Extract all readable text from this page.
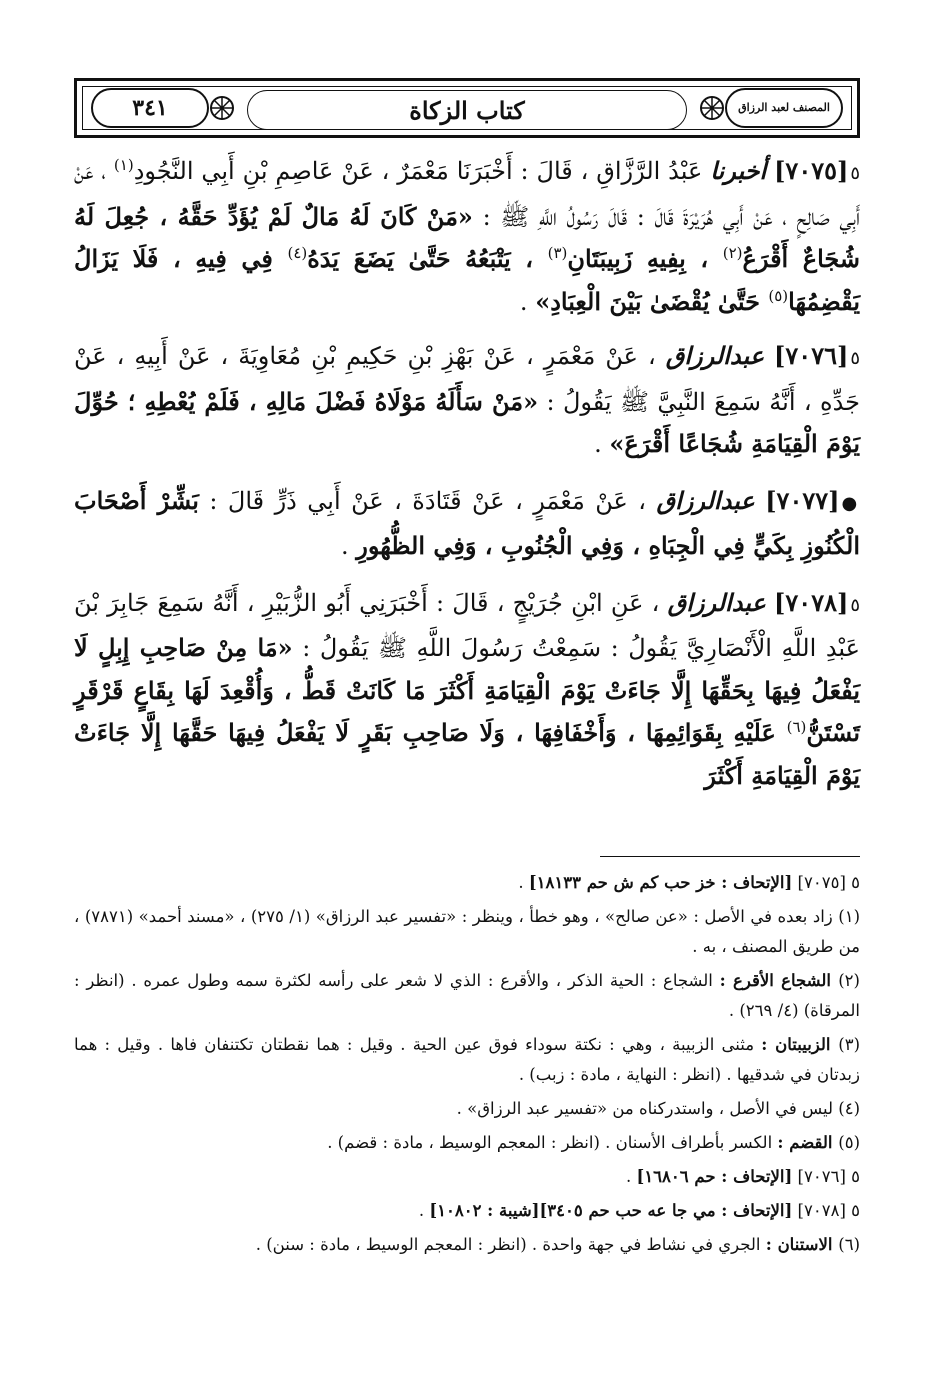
٣٤١	كتاب الزكاة	المصنف لعبد الرزاق

٥[٧٠٧٥] أخبرنا عَبْدُ الرَّزَّاقِ ، قَالَ : أَخْبَرَنَا مَعْمَرٌ ، عَنْ عَاصِمِ بْنِ أَبِي النَّجُودِ$^{(١)}$ ، عَنْ أَبِي صَالِحٍ ، عَنْ أَبِي هُرَيْرَةَ قَالَ : قَالَ رَسُولُ اللَّهِ ﷺ : «مَنْ كَانَ لَهُ مَالٌ لَمْ يُؤَدِّ حَقَّهُ ، جُعِلَ لَهُ شُجَاعٌ أَقْرَعُ$^{(٢)}$ ، بِفِيهِ زَبِيبَتَانِ$^{(٣)}$ ، يَتْبَعُهُ حَتَّىٰ يَضَعَ يَدَهُ$^{(٤)}$ فِي فِيهِ ، فَلَا يَزَالُ يَقْضِمُهَا$^{(٥)}$ حَتَّىٰ يُقْضَىٰ بَيْنَ الْعِبَادِ» .

٥[٧٠٧٦] عبدالرزاق ، عَنْ مَعْمَرٍ ، عَنْ بَهْزِ بْنِ حَكِيمِ بْنِ مُعَاوِيَةَ ، عَنْ أَبِيهِ ، عَنْ جَدِّهِ ، أَنَّهُ سَمِعَ النَّبِيَّ ﷺ يَقُولُ : «مَنْ سَأَلَهُ مَوْلَاهُ فَضْلَ مَالِهِ ، فَلَمْ يُعْطِهِ ؛ حُوِّلَ يَوْمَ الْقِيَامَةِ شُجَاعًا أَقْرَعَ» .

●[٧٠٧٧] عبدالرزاق ، عَنْ مَعْمَرٍ ، عَنْ قَتَادَةَ ، عَنْ أَبِي ذَرٍّ قَالَ : بَشِّرْ أَصْحَابَ الْكُنُوزِ بِكَيٍّ فِي الْجِبَاهِ ، وَفِي الْجُنُوبِ ، وَفِي الظُّهُورِ .

٥[٧٠٧٨] عبدالرزاق ، عَنِ ابْنِ جُرَيْجٍ ، قَالَ : أَخْبَرَنِي أَبُو الزُّبَيْرِ ، أَنَّهُ سَمِعَ جَابِرَ بْنَ عَبْدِ اللَّهِ الْأَنْصَارِيَّ يَقُولُ : سَمِعْتُ رَسُولَ اللَّهِ ﷺ يَقُولُ : «مَا مِنْ صَاحِبِ إِبِلٍ لَا يَفْعَلُ فِيهَا بِحَقِّهَا إِلَّا جَاءَتْ يَوْمَ الْقِيَامَةِ أَكْثَرَ مَا كَانَتْ قَطُّ ، وَأُقْعِدَ لَهَا بِقَاعٍ قَرْقَرٍ تَسْتَنُّ$^{(٦)}$ عَلَيْهِ بِقَوَائِمِهَا ، وَأَخْفَافِهَا ، وَلَا صَاحِبِ بَقَرٍ لَا يَفْعَلُ فِيهَا حَقَّهَا إِلَّا جَاءَتْ يَوْمَ الْقِيَامَةِ أَكْثَرَ

٥ [٧٠٧٥] [الإتحاف : خز حب كم ش حم ١٨١٣٣] .

(١) زاد بعده في الأصل : «عن صالح» ، وهو خطأ ، وينظر : «تفسير عبد الرزاق» (١/ ٢٧٥) ، «مسند أحمد» (٧٨٧١) ، من طريق المصنف ، به .

(٢) الشجاع الأقرع : الشجاع : الحية الذكر ، والأقرع : الذي لا شعر على رأسه لكثرة سمه وطول عمره . (انظر : المرقاة) (٤/ ٢٦٩) .

(٣) الزبيبتان : مثنى الزبيبة ، وهي : نكتة سوداء فوق عين الحية . وقيل : هما نقطتان تكتنفان فاها . وقيل : هما زبدتان في شدقيها . (انظر : النهاية ، مادة : زبب) .

(٤) ليس في الأصل ، واستدركناه من «تفسير عبد الرزاق» .

(٥) القضم : الكسر بأطراف الأسنان . (انظر : المعجم الوسيط ، مادة : قضم) .

٥ [٧٠٧٦] [الإتحاف : حم ١٦٨٠٦] .

٥ [٧٠٧٨] [الإتحاف : مي جا عه حب حم ٣٤٠٥][شيبة : ١٠٨٠٢] .

(٦) الاستنان : الجري في نشاط في جهة واحدة . (انظر : المعجم الوسيط ، مادة : سنن) .
